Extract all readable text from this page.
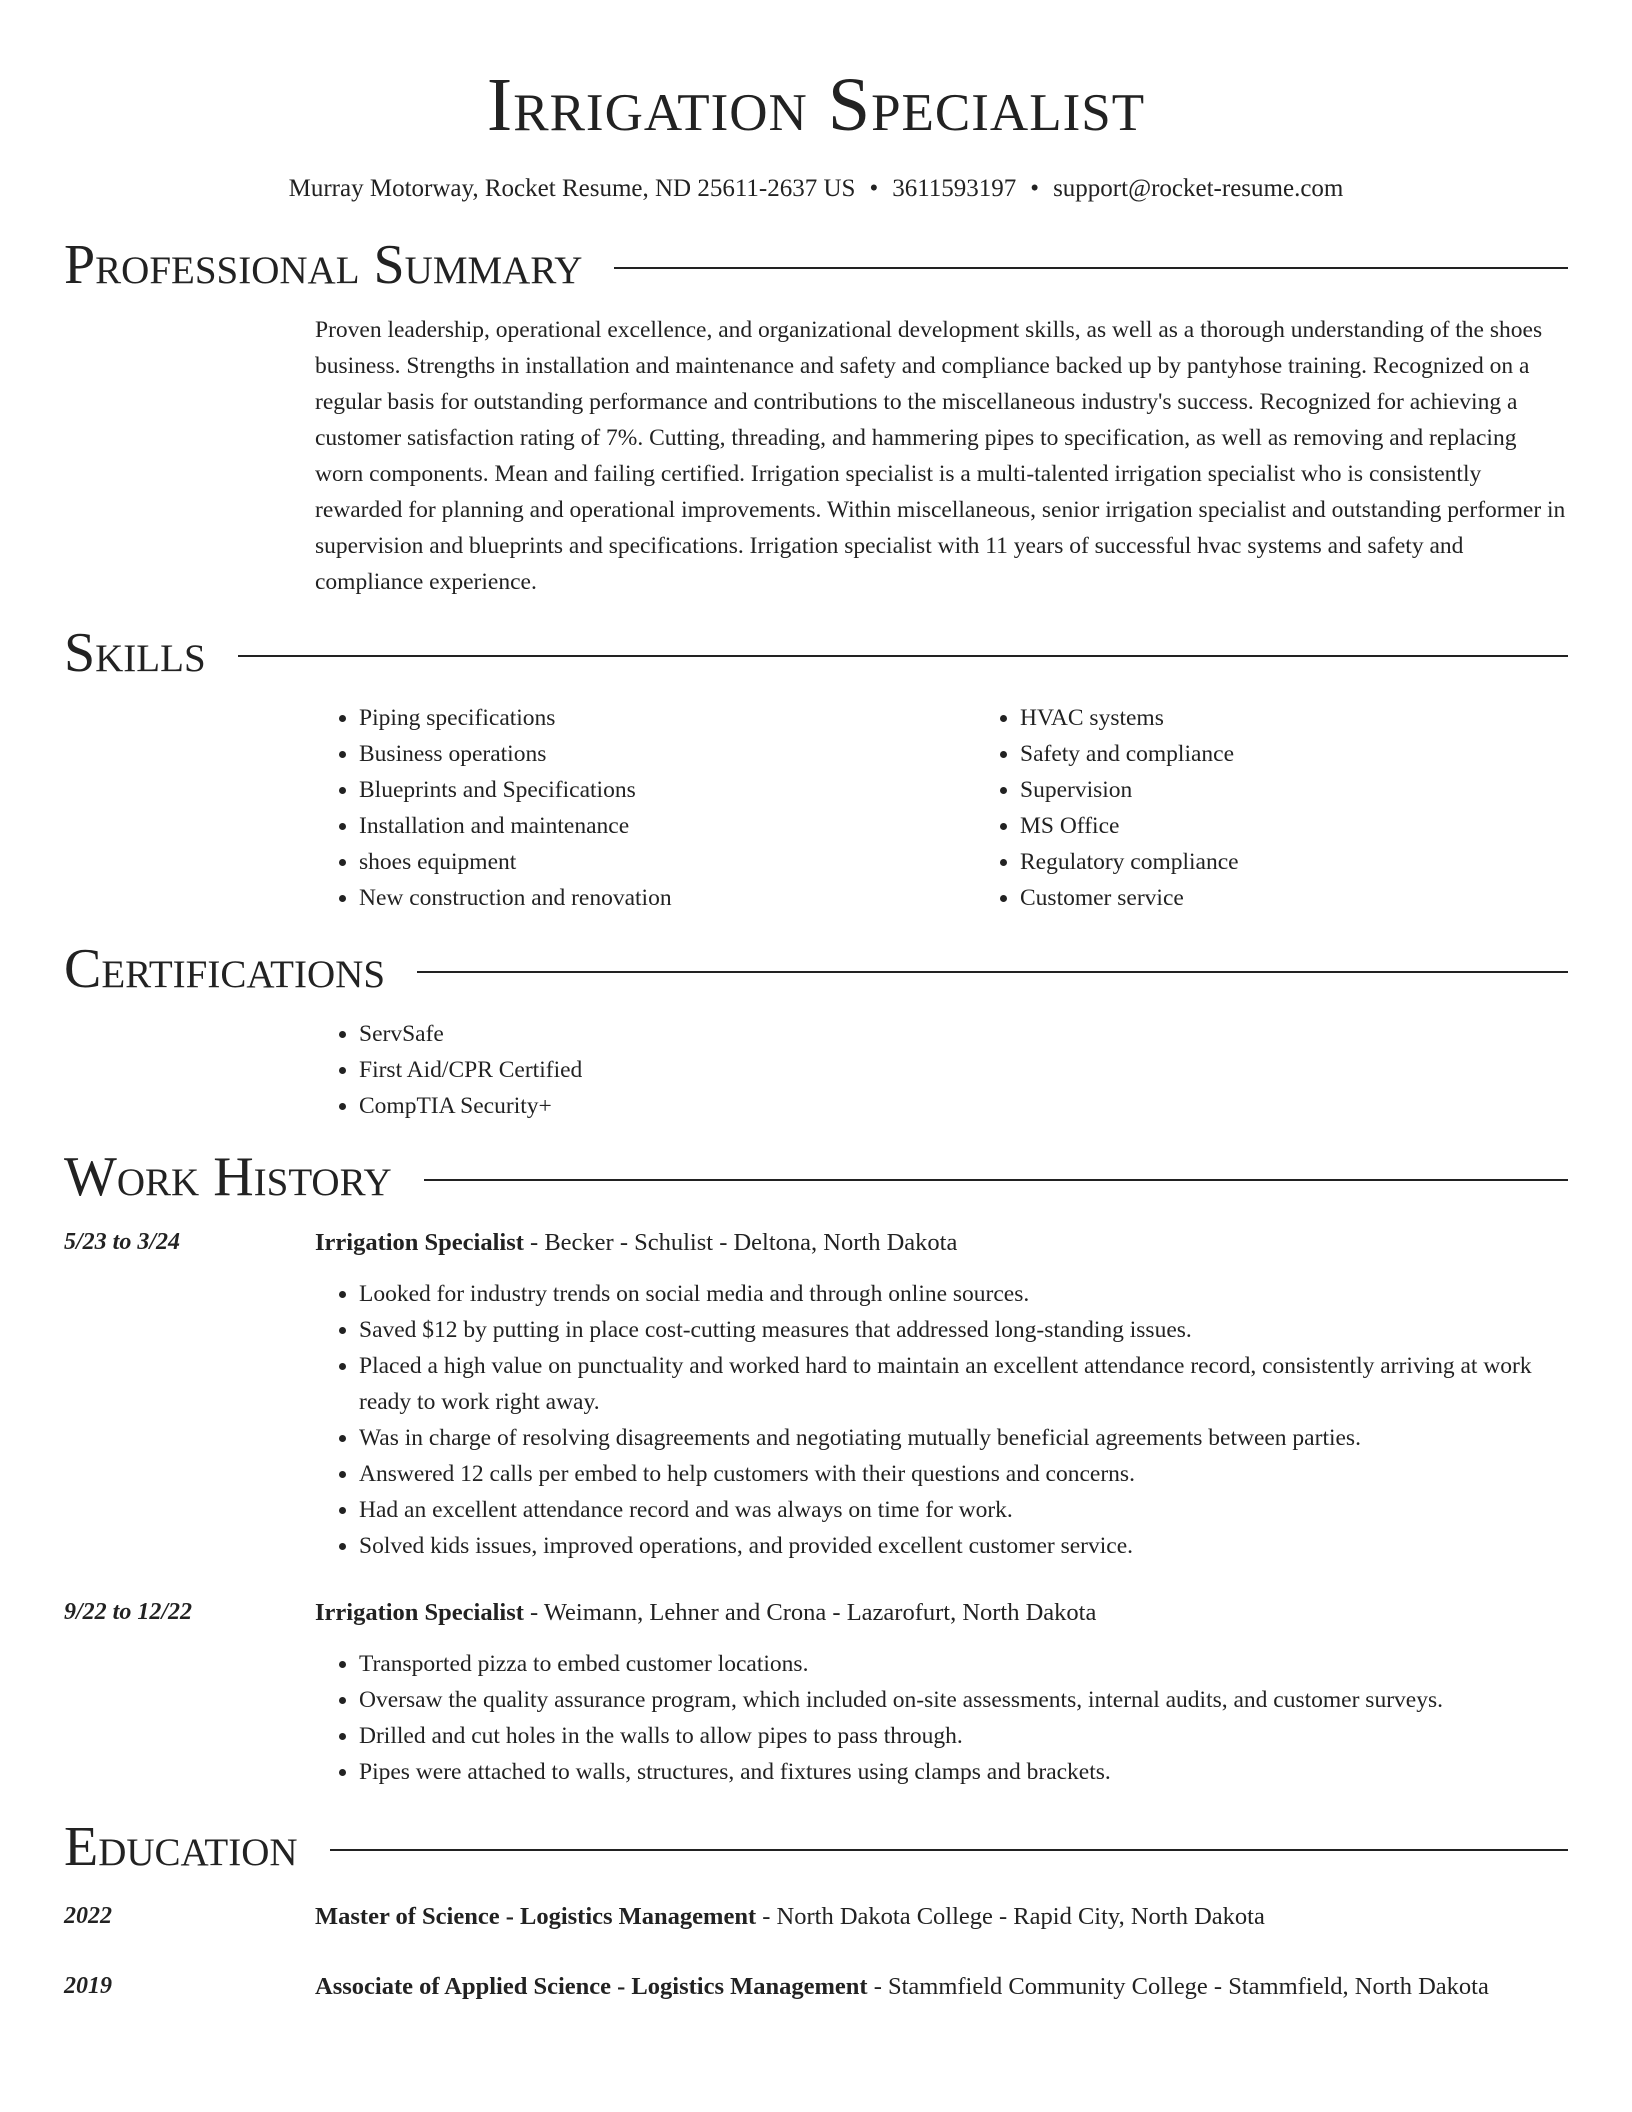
Irrigation Specialist
Murray Motorway, Rocket Resume, ND 25611-2637 US • 3611593197 • support@rocket-resume.com
Professional Summary

Proven leadership, operational excellence, and organizational development skills, as well as a thorough understanding of the shoes business. Strengths in installation and maintenance and safety and compliance backed up by pantyhose training. Recognized on a regular basis for outstanding performance and contributions to the miscellaneous industry's success. Recognized for achieving a customer satisfaction rating of 7%. Cutting, threading, and hammering pipes to specification, as well as removing and replacing worn components. Mean and failing certified. Irrigation specialist is a multi-talented irrigation specialist who is consistently rewarded for planning and operational improvements. Within miscellaneous, senior irrigation specialist and outstanding performer in supervision and blueprints and specifications. Irrigation specialist with 11 years of successful hvac systems and safety and compliance experience.

Skills
• Piping specifications
• Business operations
• Blueprints and Specifications
• Installation and maintenance
• shoes equipment
• New construction and renovation
• HVAC systems
• Safety and compliance
• Supervision
• MS Office
• Regulatory compliance
• Customer service
Certifications
• ServSafe
• First Aid/CPR Certified
• CompTIA Security+
Work History
5/23 to 3/24	Irrigation Specialist - Becker - Schulist - Deltona, North Dakota
• Looked for industry trends on social media and through online sources.
• Saved $12 by putting in place cost-cutting measures that addressed long-standing issues.
• Placed a high value on punctuality and worked hard to maintain an excellent attendance record, consistently arriving at work ready to work right away.
• Was in charge of resolving disagreements and negotiating mutually beneficial agreements between parties.
• Answered 12 calls per embed to help customers with their questions and concerns.
• Had an excellent attendance record and was always on time for work.
• Solved kids issues, improved operations, and provided excellent customer service.
9/22 to 12/22	Irrigation Specialist - Weimann, Lehner and Crona - Lazarofurt, North Dakota
• Transported pizza to embed customer locations.
• Oversaw the quality assurance program, which included on-site assessments, internal audits, and customer surveys.
• Drilled and cut holes in the walls to allow pipes to pass through.
• Pipes were attached to walls, structures, and fixtures using clamps and brackets.
Education
2022	Master of Science - Logistics Management - North Dakota College - Rapid City, North Dakota
2019	Associate of Applied Science - Logistics Management - Stammfield Community College - Stammfield, North Dakota
